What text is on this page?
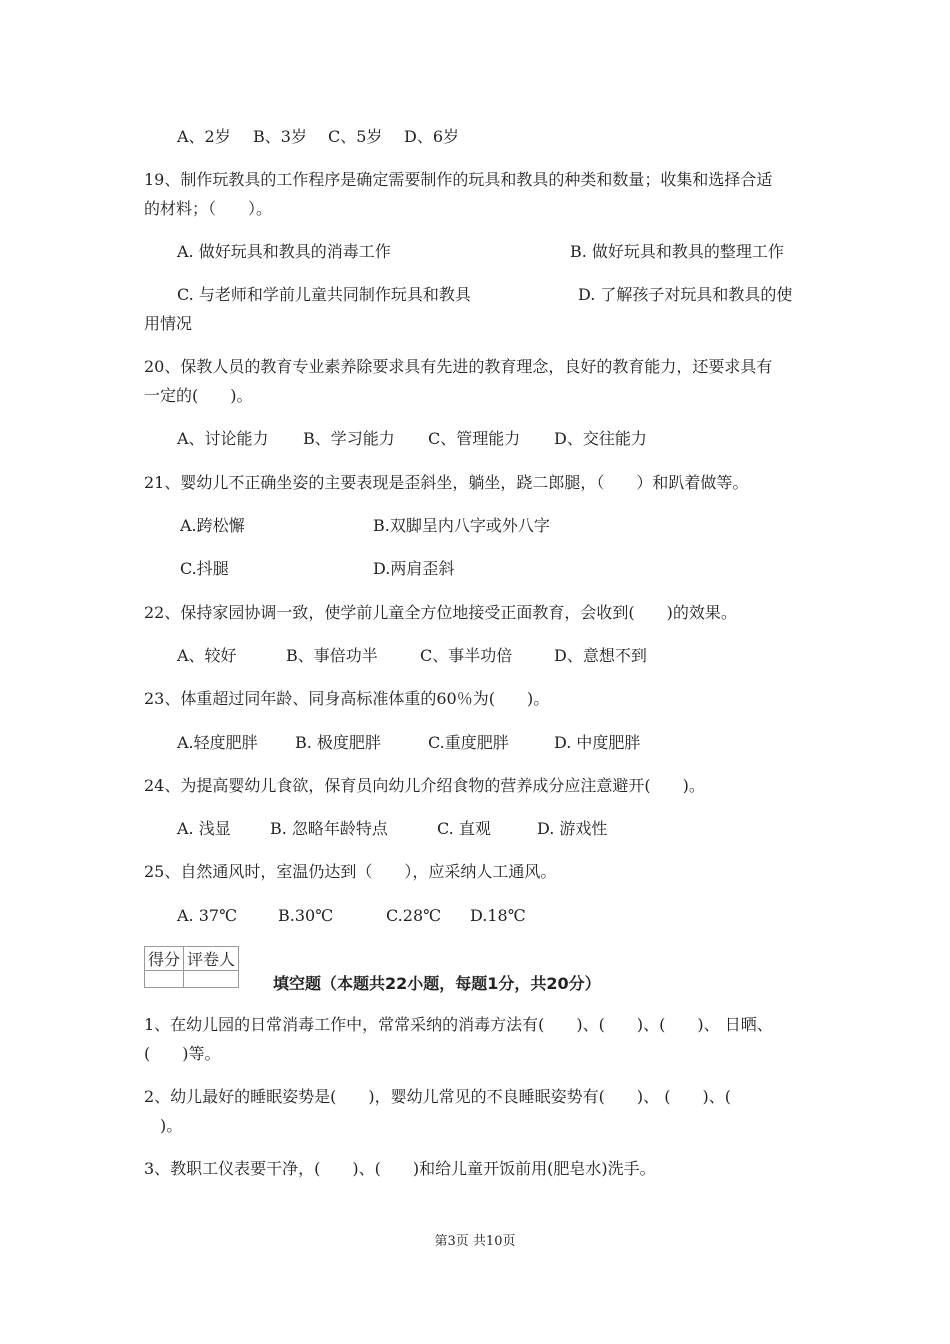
A、2岁 B、3岁 C、5岁 D、6岁
19、制作玩教具的工作程序是确定需要制作的玩具和教具的种类和数量；收集和选择合适
的材料；（　　）。
A. 做好玩具和教具的消毒工作	B. 做好玩具和教具的整理工作
C. 与老师和学前儿童共同制作玩具和教具	D. 了解孩子对玩具和教具的使
用情况
20、保教人员的教育专业素养除要求具有先进的教育理念，良好的教育能力，还要求具有
一定的(　　)。
A、讨论能力 B、学习能力 C、管理能力 D、交往能力
21、婴幼儿不正确坐姿的主要表现是歪斜坐，躺坐，跷二郎腿，（　　）和趴着做等。
A.跨松懈	B.双脚呈内八字或外八字
C.抖腿	D.两肩歪斜
22、保持家园协调一致，使学前儿童全方位地接受正面教育，会收到(　　)的效果。
A、较好	B、事倍功半	C、事半功倍	D、意想不到
23、体重超过同年龄、同身高标准体重的60％为(　　)。
A.轻度肥胖 B. 极度肥胖	C.重度肥胖	D. 中度肥胖
24、为提高婴幼儿食欲，保育员向幼儿介绍食物的营养成分应注意避开(　　)。
A. 浅显 B. 忽略年龄特点	C. 直观	D. 游戏性
25、自然通风时，室温仍达到（　　），应采纳人工通风。
A. 37℃	B.30℃	C.28℃ D.18℃
得分	评卷人

填空题（本题共22小题，每题1分，共20分）
1、在幼儿园的日常消毒工作中，常常采纳的消毒方法有(　　)、(　　)、(　　)、 日晒、
(　　)等。
2、幼儿最好的睡眠姿势是(　　)，婴幼儿常见的不良睡眠姿势有(　　)、 (　　)、(
　)。
3、教职工仪表要干净，(　　)、(　　)和给儿童开饭前用(肥皂水)洗手。
第3页 共10页
